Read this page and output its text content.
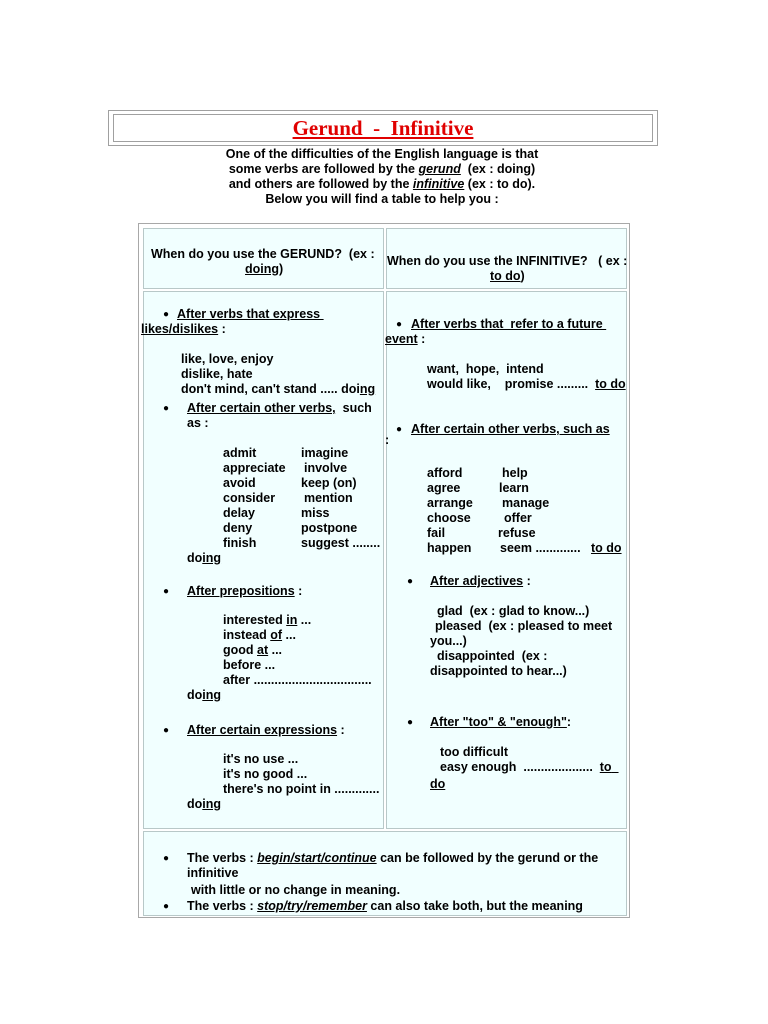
Gerund  -  Infinitive
One of the difficulties of the English language is that
some verbs are followed by the gerund  (ex : doing)
and others are followed by the infinitive (ex : to do).
Below you will find a table to help you :
When do you use the GERUND?  (ex :
doing)
When do you use the INFINITIVE?   ( ex :
to do)
● After verbs that express
likes/dislikes :
like, love, enjoy
dislike, hate
don't mind, can't stand ..... doing
● After certain other verbs,  such
as :
admit
appreciate
avoid
consider
delay
deny
finish
imagine
involve
keep (on)
mention
miss
postpone
suggest ........
doing
● After prepositions :
interested in ...
instead of ...
good at ...
before ...
after ..................................
doing
● After certain expressions :
it's no use ...
it's no good ...
there's no point in .............
doing
● After verbs that  refer to a future
event :
want,  hope,  intend
would like,    promise .........  to do
● After certain other verbs, such as
:
afford
agree
arrange
choose
fail
happen
help
learn
manage
offer
refuse
seem ............. to do
● After adjectives :
glad  (ex : glad to know...)
pleased  (ex : pleased to meet
you...)
disappointed  (ex :
disappointed to hear...)
● After "too" & "enough":
too difficult
easy enough  ....................  to
do
● The verbs : begin/start/continue can be followed by the gerund or the
infinitive
with little or no change in meaning.
● The verbs : stop/try/remember can also take both, but the meaning
